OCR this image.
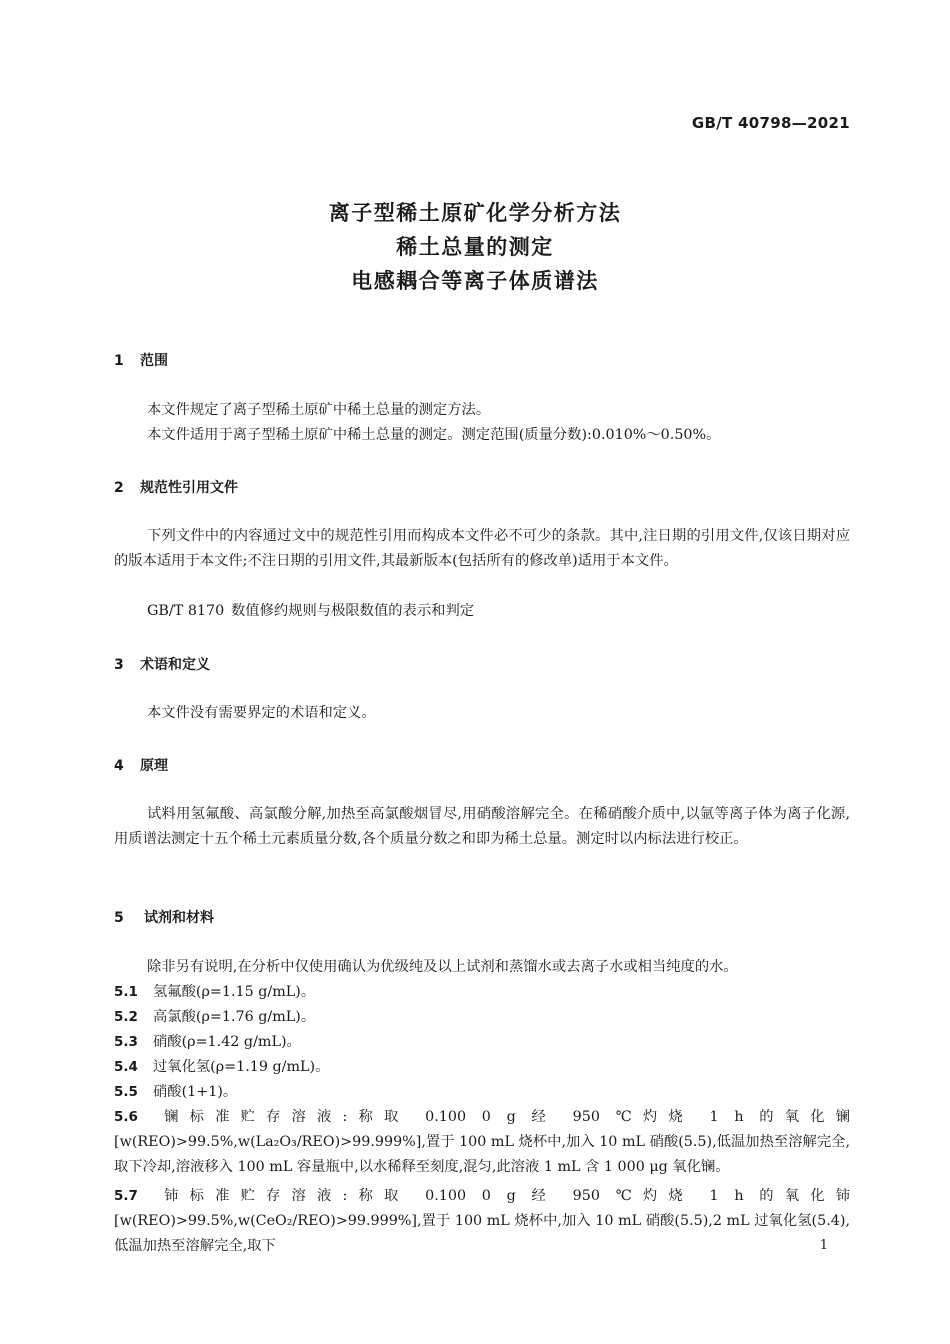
GB/T 40798—2021
离子型稀土原矿化学分析方法
稀土总量的测定
电感耦合等离子体质谱法
1	范围
本文件规定了离子型稀土原矿中稀土总量的测定方法。
本文件适用于离子型稀土原矿中稀土总量的测定。测定范围(质量分数):0.010%～0.50%。
2	规范性引用文件
下列文件中的内容通过文中的规范性引用而构成本文件必不可少的条款。其中,注日期的引用文件,仅该日期对应的版本适用于本文件;不注日期的引用文件,其最新版本(包括所有的修改单)适用于本文件。
GB/T 8170 数值修约规则与极限数值的表示和判定
3	术语和定义
本文件没有需要界定的术语和定义。
4	原理
试料用氢氟酸、高氯酸分解,加热至高氯酸烟冒尽,用硝酸溶解完全。在稀硝酸介质中,以氩等离子体为离子化源,用质谱法测定十五个稀土元素质量分数,各个质量分数之和即为稀土总量。测定时以内标法进行校正。
5	试剂和材料
除非另有说明,在分析中仅使用确认为优级纯及以上试剂和蒸馏水或去离子水或相当纯度的水。
5.1 氢氟酸(ρ=1.15 g/mL)。
5.2 高氯酸(ρ=1.76 g/mL)。
5.3 硝酸(ρ=1.42 g/mL)。
5.4 过氧化氢(ρ=1.19 g/mL)。
5.5 硝酸(1+1)。
5.6 镧标准贮存溶液:称取 0.100 0 g 经 950 ℃灼烧 1 h 的氧化镧 [w(REO)>99.5%,w(La₂O₃/REO)>99.999%],置于 100 mL 烧杯中,加入 10 mL 硝酸(5.5),低温加热至溶解完全,取下冷却,溶液移入 100 mL 容量瓶中,以水稀释至刻度,混匀,此溶液 1 mL 含 1 000 μg 氧化镧。
5.7 铈标准贮存溶液:称取 0.100 0 g 经 950 ℃灼烧 1 h 的氧化铈 [w(REO)>99.5%,w(CeO₂/REO)>99.999%],置于 100 mL 烧杯中,加入 10 mL 硝酸(5.5),2 mL 过氧化氢(5.4),低温加热至溶解完全,取下	1
